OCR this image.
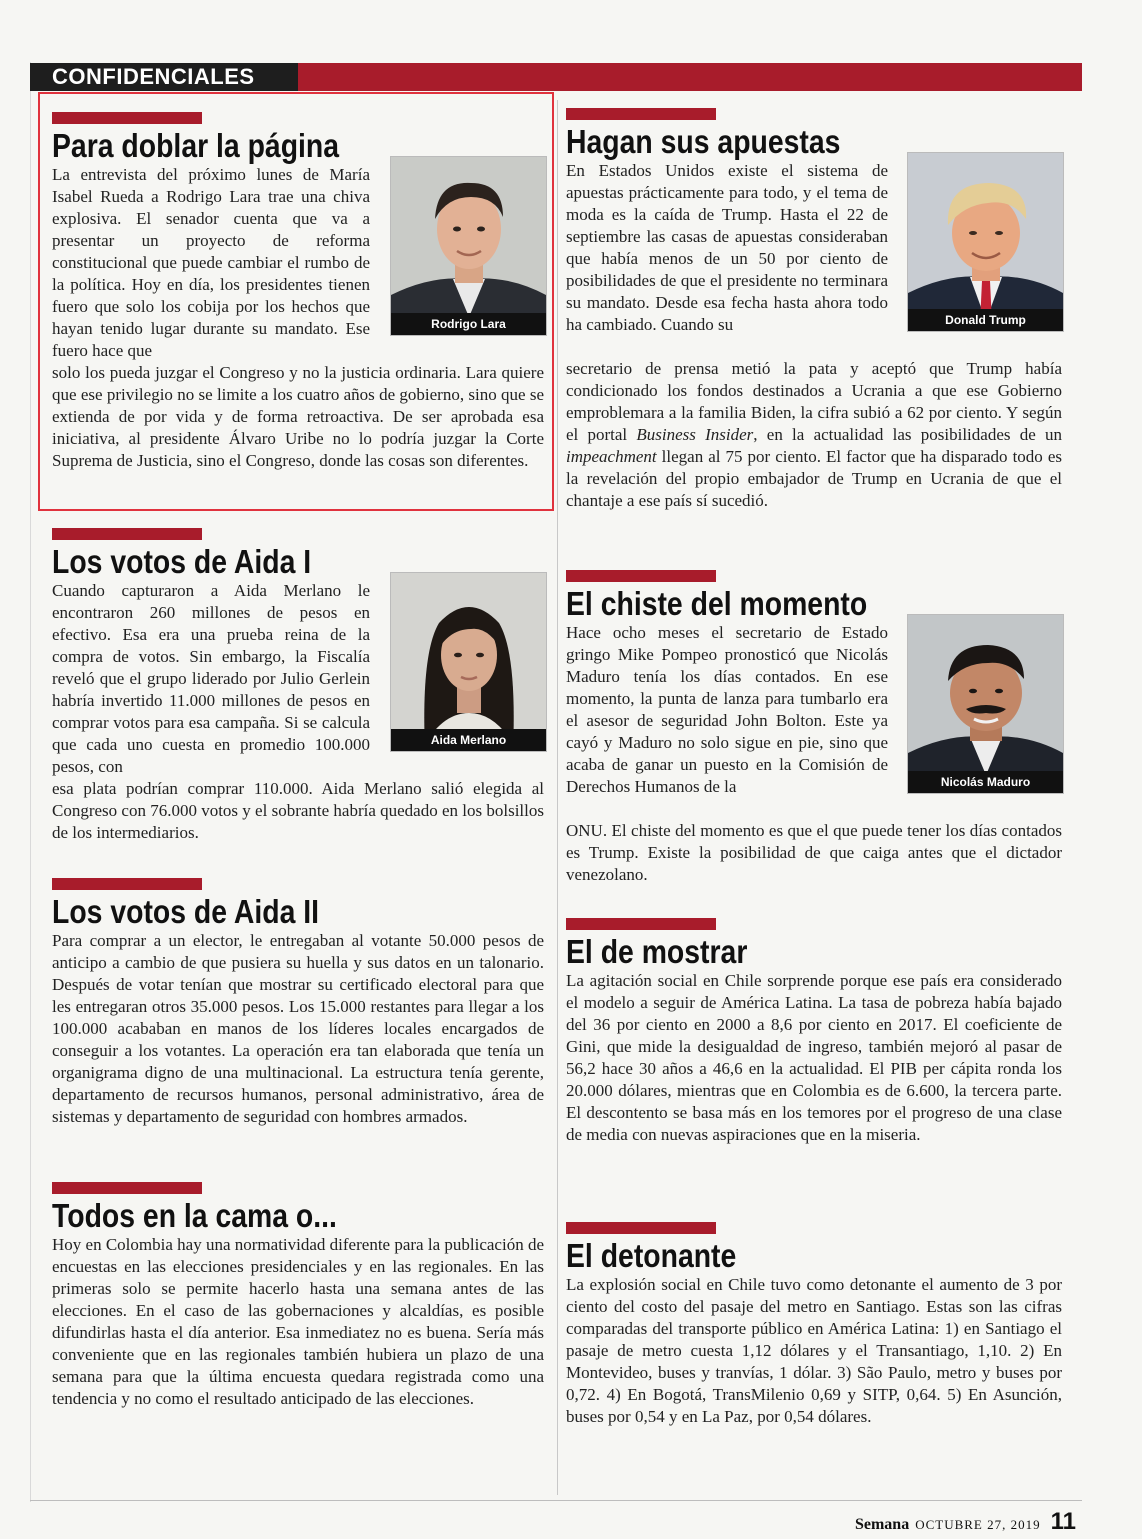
CONFIDENCIALES
Para doblar la página

La entrevista del próximo lunes de María Isabel Rueda a Rodrigo Lara trae una chiva explosiva. El senador cuenta que va a presentar un proyecto de reforma constitucional que puede cambiar el rumbo de la política. Hoy en día, los presidentes tienen fuero que solo los cobija por los hechos que hayan tenido lugar durante su mandato. Ese fuero hace que

solo los pueda juzgar el Congreso y no la justicia ordinaria. Lara quiere que ese privilegio no se limite a los cuatro años de gobierno, sino que se extienda de por vida y de forma retroactiva. De ser aprobada esa iniciativa, al presidente Álvaro Uribe no lo podría juzgar la Corte Suprema de Justicia, sino el Congreso, donde las cosas son diferentes.

Rodrigo Lara
Los votos de Aida I

Cuando capturaron a Aida Merlano le encontraron 260 millones de pesos en efectivo. Esa era una prueba reina de la compra de votos. Sin embargo, la Fiscalía reveló que el grupo liderado por Julio Gerlein habría invertido 11.000 millones de pesos en comprar votos para esa campaña. Si se calcula que cada uno cuesta en promedio 100.000 pesos, con

esa plata podrían comprar 110.000. Aida Merlano salió elegida al Congreso con 76.000 votos y el sobrante habría quedado en los bolsillos de los intermediarios.

Aida Merlano
Los votos de Aida II

Para comprar a un elector, le entregaban al votante 50.000 pesos de anticipo a cambio de que pusiera su huella y sus datos en un talonario. Después de votar tenían que mostrar su certificado electoral para que les entregaran otros 35.000 pesos. Los 15.000 restantes para llegar a los 100.000 acababan en manos de los líderes locales encargados de conseguir a los votantes. La operación era tan elaborada que tenía un organigrama digno de una multinacional. La estructura tenía gerente, departamento de recursos humanos, personal administrativo, área de sistemas y departamento de seguridad con hombres armados.

Todos en la cama o...

Hoy en Colombia hay una normatividad diferente para la publicación de encuestas en las elecciones presidenciales y en las regionales. En las primeras solo se permite hacerlo hasta una semana antes de las elecciones. En el caso de las gobernaciones y alcaldías, es posible difundirlas hasta el día anterior. Esa inmediatez no es buena. Sería más conveniente que en las regionales también hubiera un plazo de una semana para que la última encuesta quedara registrada como una tendencia y no como el resultado anticipado de las elecciones.

Hagan sus apuestas

En Estados Unidos existe el sistema de apuestas prácticamente para todo, y el tema de moda es la caída de Trump. Hasta el 22 de septiembre las casas de apuestas consideraban que había menos de un 50 por ciento de posibilidades de que el presidente no terminara su mandato. Desde esa fecha hasta ahora todo ha cambiado. Cuando su

secretario de prensa metió la pata y aceptó que Trump había condicionado los fondos destinados a Ucrania a que ese Gobierno emproblemara a la familia Biden, la cifra subió a 62 por ciento. Y según el portal Business Insider, en la actualidad las posibilidades de un impeachment llegan al 75 por ciento. El factor que ha disparado todo es la revelación del propio embajador de Trump en Ucrania de que el chantaje a ese país sí sucedió.

Donald Trump
El chiste del momento

Hace ocho meses el secretario de Estado gringo Mike Pompeo pronosticó que Nicolás Maduro tenía los días contados. En ese momento, la punta de lanza para tumbarlo era el asesor de seguridad John Bolton. Este ya cayó y Maduro no solo sigue en pie, sino que acaba de ganar un puesto en la Comisión de Derechos Humanos de la

ONU. El chiste del momento es que el que puede tener los días contados es Trump. Existe la posibilidad de que caiga antes que el dictador venezolano.

Nicolás Maduro
El de mostrar

La agitación social en Chile sorprende porque ese país era considerado el modelo a seguir de América Latina. La tasa de pobreza había bajado del 36 por ciento en 2000 a 8,6 por ciento en 2017. El coeficiente de Gini, que mide la desigualdad de ingreso, también mejoró al pasar de 56,2 hace 30 años a 46,6 en la actualidad. El PIB per cápita ronda los 20.000 dólares, mientras que en Colombia es de 6.600, la tercera parte. El descontento se basa más en los temores por el progreso de una clase de media con nuevas aspiraciones que en la miseria.

El detonante

La explosión social en Chile tuvo como detonante el aumento de 3 por ciento del costo del pasaje del metro en Santiago. Estas son las cifras comparadas del transporte público en América Latina: 1) en Santiago el pasaje de metro cuesta 1,12 dólares y el Transantiago, 1,10. 2) En Montevideo, buses y tranvías, 1 dólar. 3) São Paulo, metro y buses por 0,72. 4) En Bogotá, TransMilenio 0,69 y SITP, 0,64. 5) En Asunción, buses por 0,54 y en La Paz, por 0,54 dólares.

Semana OCTUBRE 27, 2019 11
